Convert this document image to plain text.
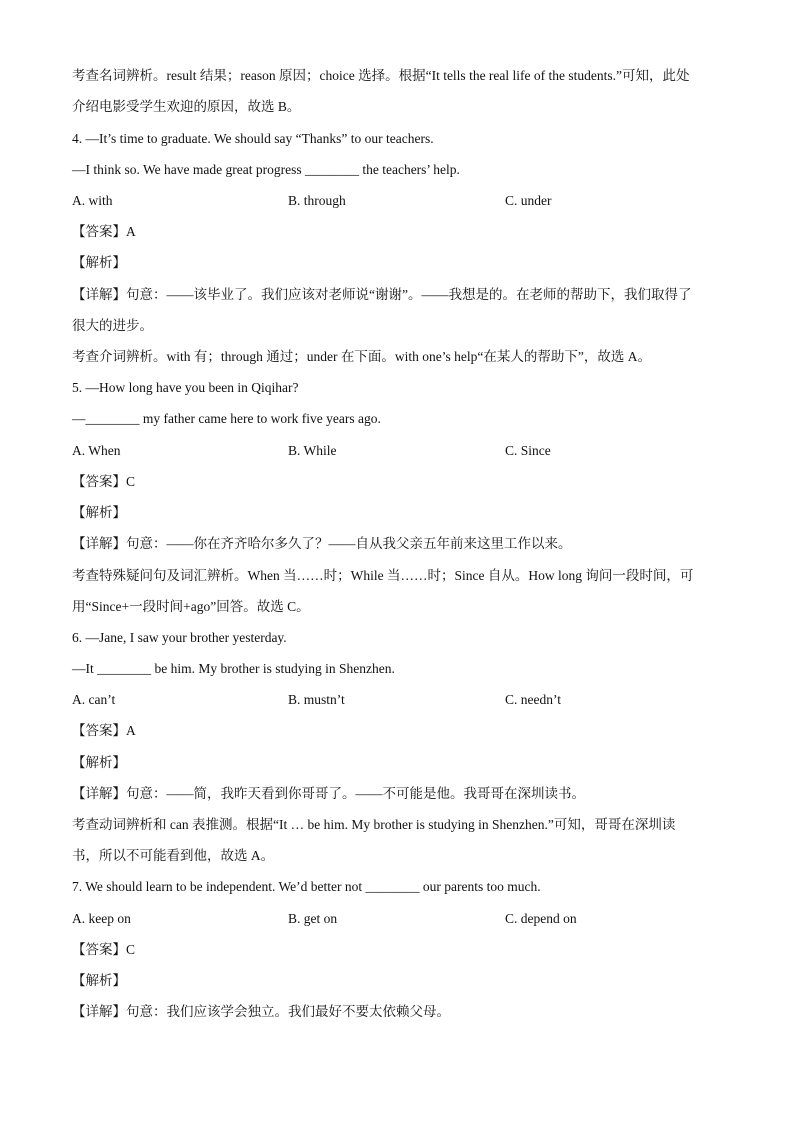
考查名词辨析。result 结果；reason 原因；choice 选择。根据“It tells the real life of the students.”可知，此处
介绍电影受学生欢迎的原因，故选 B。
4. —It’s time to graduate. We should say “Thanks” to our teachers.
—I think so. We have made great progress ________ the teachers’ help.
A. with	B. through	C. under
【答案】A
【解析】
【详解】句意：——该毕业了。我们应该对老师说“谢谢”。——我想是的。在老师的帮助下，我们取得了
很大的进步。
考查介词辨析。with 有；through 通过；under 在下面。with one’s help“在某人的帮助下”，故选 A。
5. —How long have you been in Qiqihar?
—________ my father came here to work five years ago.
A. When	B. While	C. Since
【答案】C
【解析】
【详解】句意：——你在齐齐哈尔多久了？——自从我父亲五年前来这里工作以来。
考查特殊疑问句及词汇辨析。When 当……时；While 当……时；Since 自从。How long 询问一段时间，可
用“Since+一段时间+ago”回答。故选 C。
6. —Jane, I saw your brother yesterday.
—It ________ be him. My brother is studying in Shenzhen.
A. can’t	B. mustn’t	C. needn’t
【答案】A
【解析】
【详解】句意：——简，我昨天看到你哥哥了。——不可能是他。我哥哥在深圳读书。
考查动词辨析和 can 表推测。根据“It … be him. My brother is studying in Shenzhen.”可知，哥哥在深圳读
书，所以不可能看到他，故选 A。
7. We should learn to be independent. We’d better not ________ our parents too much.
A. keep on	B. get on	C. depend on
【答案】C
【解析】
【详解】句意：我们应该学会独立。我们最好不要太依赖父母。
